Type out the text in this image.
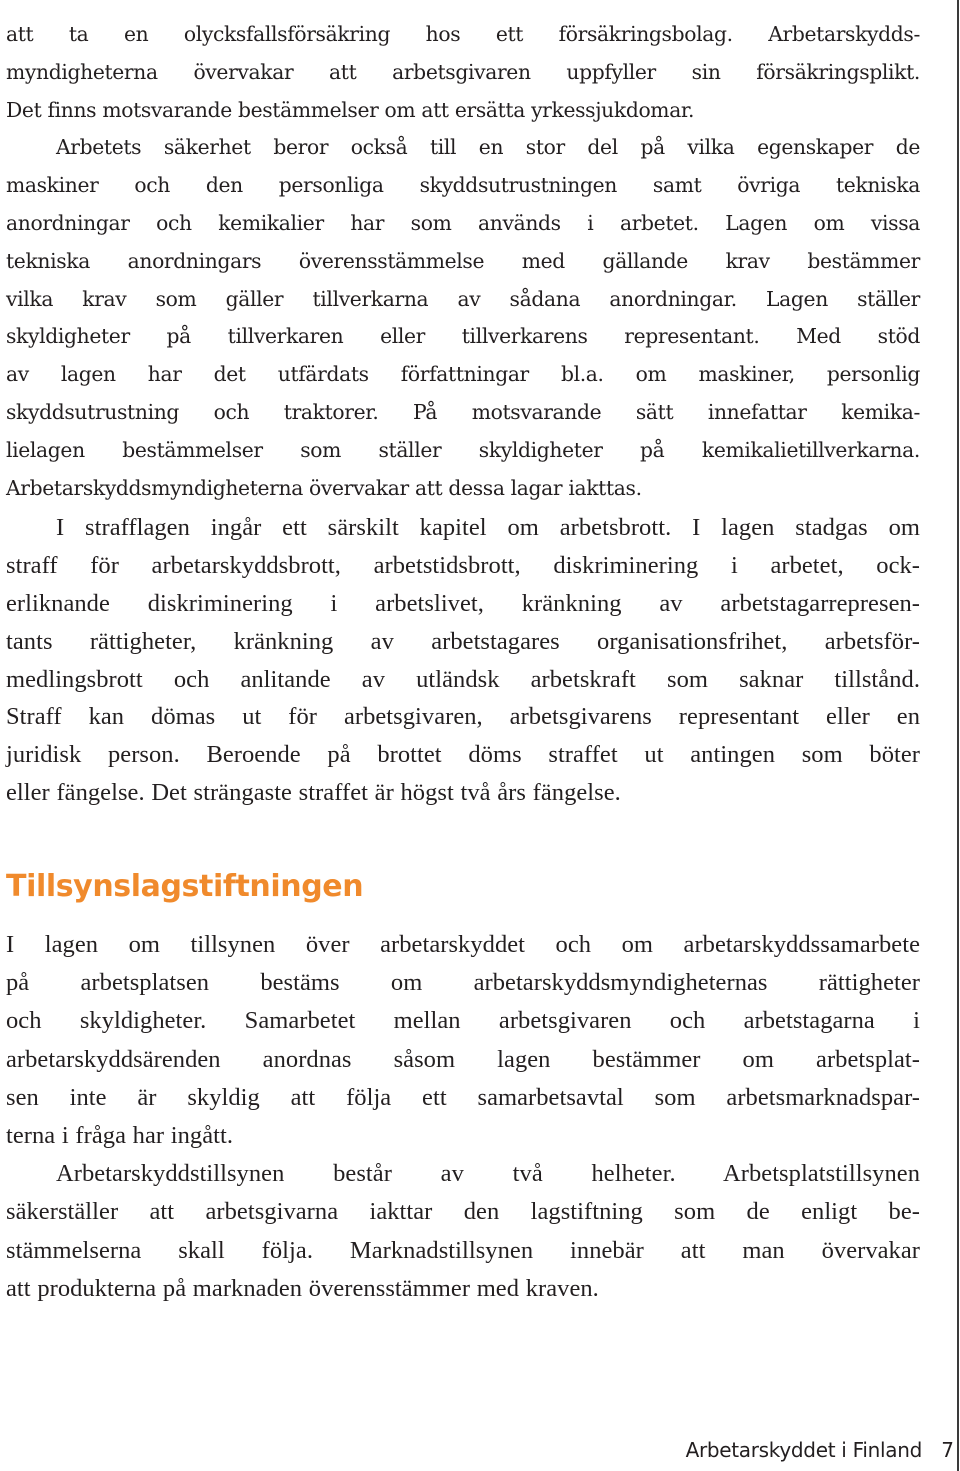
att ta en olycksfallsförsäkring hos ett försäkringsbolag. Arbetarskydds-
myndigheterna övervakar att arbetsgivaren uppfyller sin försäkringsplikt.
Det finns motsvarande bestämmelser om att ersätta yrkessjukdomar.
Arbetets säkerhet beror också till en stor del på vilka egenskaper de
maskiner och den personliga skyddsutrustningen samt övriga tekniska
anordningar och kemikalier har som används i arbetet. Lagen om vissa
tekniska anordningars överensstämmelse med gällande krav bestämmer
vilka krav som gäller tillverkarna av sådana anordningar. Lagen ställer
skyldigheter på tillverkaren eller tillverkarens representant. Med stöd
av lagen har det utfärdats författningar bl.a. om maskiner, personlig
skyddsutrustning och traktorer. På motsvarande sätt innefattar kemika-
lielagen bestämmelser som ställer skyldigheter på kemikalietillverkarna.
Arbetarskyddsmyndigheterna övervakar att dessa lagar iakttas.
I strafflagen ingår ett särskilt kapitel om arbetsbrott. I lagen stadgas om
straff för arbetarskyddsbrott, arbetstidsbrott, diskriminering i arbetet, ock-
erliknande diskriminering i arbetslivet, kränkning av arbetstagarrepresen-
tants rättigheter, kränkning av arbetstagares organisationsfrihet, arbetsför-
medlingsbrott och anlitande av utländsk arbetskraft som saknar tillstånd.
Straff kan dömas ut för arbetsgivaren, arbetsgivarens representant eller en
juridisk person. Beroende på brottet döms straffet ut antingen som böter
eller fängelse. Det strängaste straffet är högst två års fängelse.
Tillsynslagstiftningen
I lagen om tillsynen över arbetarskyddet och om arbetarskyddssamarbete
på arbetsplatsen bestäms om arbetarskyddsmyndigheternas rättigheter
och skyldigheter. Samarbetet mellan arbetsgivaren och arbetstagarna i
arbetarskyddsärenden anordnas såsom lagen bestämmer om arbetsplat-
sen inte är skyldig att följa ett samarbetsavtal som arbetsmarknadspar-
terna i fråga har ingått.
Arbetarskyddstillsynen består av två helheter. Arbetsplatstillsynen
säkerställer att arbetsgivarna iakttar den lagstiftning som de enligt be-
stämmelserna skall följa. Marknadstillsynen innebär att man övervakar
att produkterna på marknaden överensstämmer med kraven.
Arbetarskyddet i Finland 7
